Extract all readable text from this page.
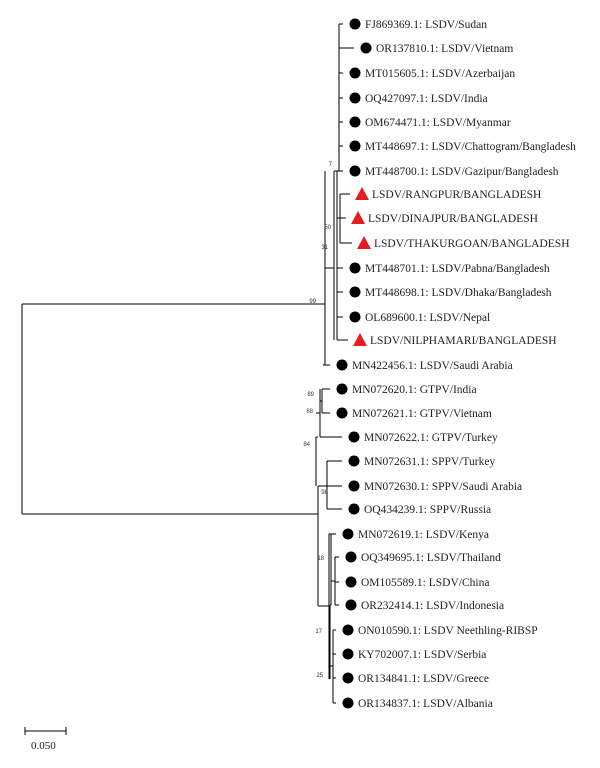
FJ869369.1: LSDV/Sudan
OR137810.1: LSDV/Vietnam
MT015605.1: LSDV/Azerbaijan
OQ427097.1: LSDV/India
OM674471.1: LSDV/Myanmar
MT448697.1: LSDV/Chattogram/Bangladesh
MT448700.1: LSDV/Gazipur/Bangladesh
LSDV/RANGPUR/BANGLADESH
LSDV/DINAJPUR/BANGLADESH
LSDV/THAKURGOAN/BANGLADESH
MT448701.1: LSDV/Pabna/Bangladesh
MT448698.1: LSDV/Dhaka/Bangladesh
OL689600.1: LSDV/Nepal
LSDV/NILPHAMARI/BANGLADESH
MN422456.1: LSDV/Saudi Arabia
MN072620.1: GTPV/India
MN072621.1: GTPV/Vietnam
MN072622.1: GTPV/Turkey
MN072631.1: SPPV/Turkey
MN072630.1: SPPV/Saudi Arabia
OQ434239.1: SPPV/Russia
MN072619.1: LSDV/Kenya
OQ349695.1: LSDV/Thailand
OM105589.1: LSDV/China
OR232414.1: LSDV/Indonesia
ON010590.1: LSDV Neethling-RIBSP
KY702007.1: LSDV/Serbia
OR134841.1: LSDV/Greece
OR134837.1: LSDV/Albania
7
50
31
99
89
88
84
98
18
17
25
0.050
